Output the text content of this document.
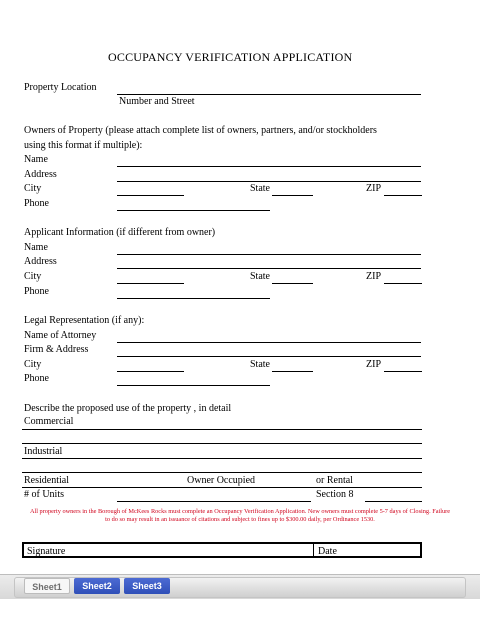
OCCUPANCY VERIFICATION APPLICATION
Property Location
Number and Street
Owners of Property (please attach complete list of owners, partners, and/or stockholders
using this format if multiple):
Name
Address
City	State	ZIP
Phone
Applicant Information (if different from owner)
Name
Address
City	State	ZIP
Phone
Legal Representation (if any):
Name of Attorney
Firm & Address
City	State	ZIP
Phone
Describe the proposed use of the property , in detail
Commercial
Industrial
Residential	Owner Occupied	or Rental
# of Units	Section 8
All property owners in the Borough of McKees Rocks must complete an Occupancy Verification Application. New owners must complete 5-7 days of Closing. Failure to do so may result in an issuance of citations and subject to fines up to $300.00 daily, per Ordinance 1530.
Signature	Date
Sheet1	Sheet2	Sheet3
